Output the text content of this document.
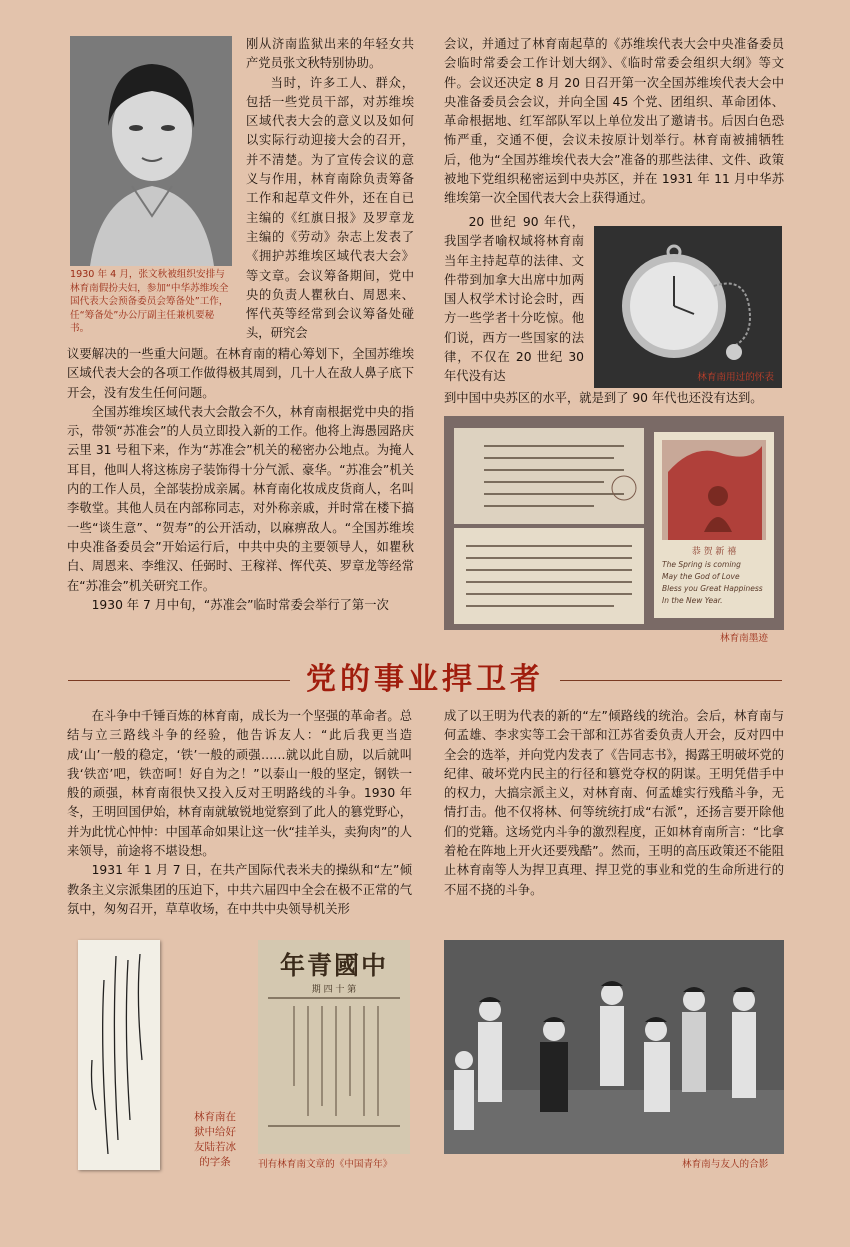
1930 年 4 月，张文秋被组织安排与林育南假扮夫妇，参加“中华苏维埃全国代表大会预备委员会筹备处”工作，任“筹备处”办公厅副主任兼机要秘书。

刚从济南监狱出来的年轻女共产党员张文秋特别协助。

当时，许多工人、群众，包括一些党员干部，对苏维埃区域代表大会的意义以及如何以实际行动迎接大会的召开，并不清楚。为了宣传会议的意义与作用，林育南除负责筹备工作和起草文件外，还在自已主编的《红旗日报》及罗章龙主编的《劳动》杂志上发表了《拥护苏维埃区域代表大会》等文章。会议筹备期间，党中央的负责人瞿秋白、周恩来、恽代英等经常到会议筹备处碰头，研究会

议要解决的一些重大问题。在林育南的精心筹划下，全国苏维埃区域代表大会的各项工作做得极其周到，几十人在敌人鼻子底下开会，没有发生任何问题。

全国苏维埃区域代表大会散会不久，林育南根据党中央的指示，带领“苏准会”的人员立即投入新的工作。他将上海愚园路庆云里 31 号租下来，作为“苏准会”机关的秘密办公地点。为掩人耳目，他叫人将这栋房子装饰得十分气派、豪华。“苏准会”机关内的工作人员，全部装扮成亲属。林育南化妆成皮货商人，名叫李敬堂。其他人员在内部称同志，对外称亲戚，并时常在楼下搞一些“谈生意”、“贺寿”的公开活动，以麻痹敌人。“全国苏维埃中央准备委员会”开始运行后，中共中央的主要领导人，如瞿秋白、周恩来、李维汉、任弼时、王稼祥、恽代英、罗章龙等经常在“苏准会”机关研究工作。

1930 年 7 月中旬，“苏准会”临时常委会举行了第一次

会议，并通过了林育南起草的《苏维埃代表大会中央准备委员会临时常委会工作计划大纲》、《临时常委会组织大纲》等文件。会议还决定 8 月 20 日召开第一次全国苏维埃代表大会中央准备委员会会议，并向全国 45 个党、团组织、革命团体、革命根据地、红军部队军以上单位发出了邀请书。后因白色恐怖严重，交通不便，会议未按原计划举行。林育南被捕牺牲后，他为“全国苏维埃代表大会”准备的那些法律、文件、政策被地下党组织秘密运到中央苏区，并在 1931 年 11 月中华苏维埃第一次全国代表大会上获得通过。

20 世纪 90 年代，我国学者喻权域将林育南当年主持起草的法律、文件带到加拿大出席中加两国人权学术讨论会时，西方一些学者十分吃惊。他们说，西方一些国家的法律，不仅在 20 世纪 30 年代没有达

到中国中央苏区的水平，就是到了 90 年代也还没有达到。
林育南用过的怀表
恭 贺 新 禧
The Spring is coming
May the God of Love
Bless you Great Happiness
In the New Year.
林育南墨迹
党的事业捍卫者

在斗争中千锤百炼的林育南，成长为一个坚强的革命者。总结与立三路线斗争的经验，他告诉友人：“此后我更当造成‘山’一般的稳定，‘铁’一般的顽强……就以此自励，以后就叫我‘铁峦’吧，铁峦呵！好自为之！”以泰山一般的坚定，钢铁一般的顽强，林育南很快又投入反对王明路线的斗争。1930 年冬，王明回国伊始，林育南就敏锐地觉察到了此人的篡党野心，并为此忧心忡忡：中国革命如果让这一伙“挂羊头，卖狗肉”的人来领导，前途将不堪设想。

1931 年 1 月 7 日，在共产国际代表米夫的操纵和“左”倾教条主义宗派集团的压迫下，中共六届四中全会在极不正常的气氛中，匆匆召开，草草收场，在中共中央领导机关形

成了以王明为代表的新的“左”倾路线的统治。会后，林育南与何孟雄、李求实等工会干部和江苏省委负责人开会，反对四中全会的选举，并向党内发表了《告同志书》，揭露王明破坏党的纪律、破坏党内民主的行径和篡党夺权的阴谋。王明凭借手中的权力，大搞宗派主义，对林育南、何孟雄实行残酷斗争，无情打击。他不仅将林、何等统统打成“右派”，还扬言要开除他们的党籍。这场党内斗争的激烈程度，正如林育南所言：“比拿着枪在阵地上开火还要残酷”。然而，王明的高压政策还不能阻止林育南等人为捍卫真理、捍卫党的事业和党的生命所进行的不屈不挠的斗争。

林育南在狱中给好友陆若冰的字条
年青國中
期 四 十 第
刊有林育南文章的《中国青年》	林育南与友人的合影
